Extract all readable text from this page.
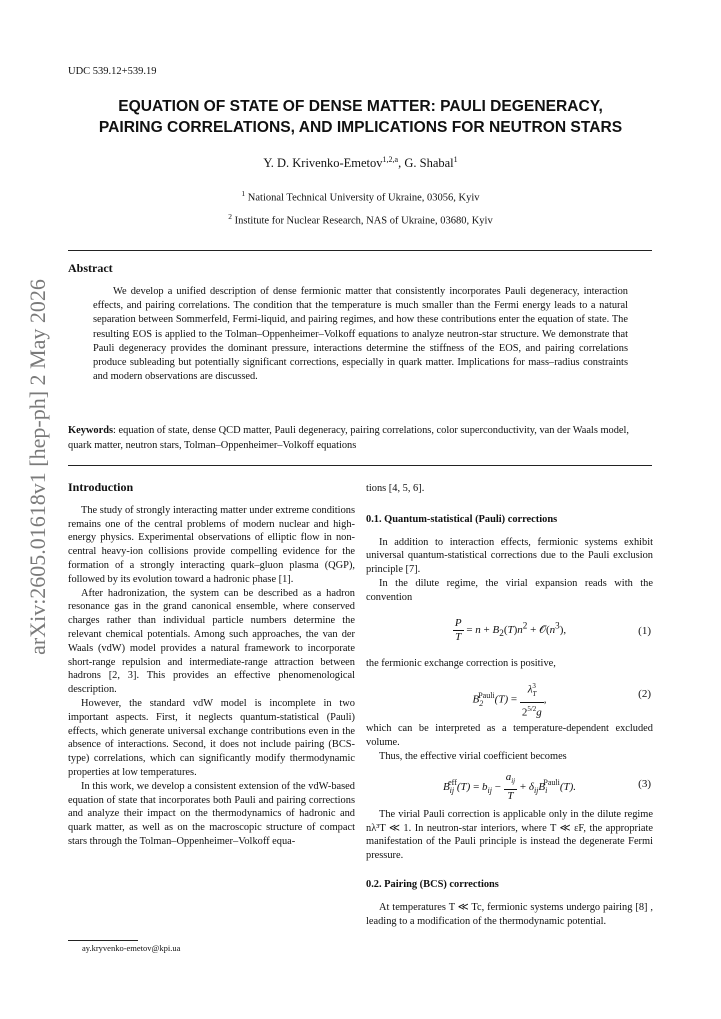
arXiv:2605.01618v1 [hep-ph] 2 May 2026
UDC 539.12+539.19
EQUATION OF STATE OF DENSE MATTER: PAULI DEGENERACY,
PAIRING CORRELATIONS, AND IMPLICATIONS FOR NEUTRON STARS
Y. D. Krivenko-Emetov$^{1,2,a}$, G. Shabal$^1$
$^1$ National Technical University of Ukraine, 03056, Kyiv
$^2$ Institute for Nuclear Research, NAS of Ukraine, 03680, Kyiv
Abstract
We develop a unified description of dense fermionic matter that consistently incorporates Pauli degeneracy, interaction effects, and pairing correlations. The condition that the temperature is much smaller than the Fermi energy leads to a natural separation between Sommerfeld, Fermi-liquid, and pairing regimes, and how these contributions enter the equation of state. The resulting EOS is applied to the Tolman–Oppenheimer–Volkoff equations to analyze neutron-star structure. We demonstrate that Pauli degeneracy provides the dominant pressure, interactions determine the stiffness of the EOS, and pairing correlations produce subleading but potentially significant corrections, especially in quark matter. Implications for mass–radius constraints and modern observations are discussed.
Keywords: equation of state, dense QCD matter, Pauli degeneracy, pairing correlations, color superconductivity, van der Waals model, quark matter, neutron stars, Tolman–Oppenheimer–Volkoff equations
Introduction

The study of strongly interacting matter under extreme conditions remains one of the central problems of modern nuclear and high-energy physics. Experimental observations of elliptic flow in non-central heavy-ion collisions provide compelling evidence for the formation of a strongly interacting quark–gluon plasma (QGP), followed by its evolution toward a hadronic phase [1].

After hadronization, the system can be described as a hadron resonance gas in the grand canonical ensemble, where conserved charges rather than individual particle numbers determine the relevant chemical potentials. Among such approaches, the van der Waals (vdW) model provides a natural framework to incorporate short-range repulsion and intermediate-range attraction between hadrons [2, 3]. This provides an effective phenomenological description.

However, the standard vdW model is incomplete in two important aspects. First, it neglects quantum-statistical (Pauli) effects, which generate universal exchange contributions even in the absence of interactions. Second, it does not include pairing (BCS-type) correlations, which can significantly modify thermodynamic properties at low temperatures.

In this work, we develop a consistent extension of the vdW-based equation of state that incorporates both Pauli and pairing corrections and analyze their impact on the thermodynamics of hadronic and quark matter, as well as on the macroscopic structure of compact stars through the Tolman–Oppenheimer–Volkoff equa-

ay.kryvenko-emetov@kpi.ua

tions [4, 5, 6].

0.1. Quantum-statistical (Pauli) corrections

In addition to interaction effects, fermionic systems exhibit universal quantum-statistical corrections due to the Pauli exclusion principle [7].

In the dilute regime, the virial expansion reads with the convention

$\frac{P}{T} = n + B_2(T)n^2$ + $𝒪(n^3)$,	(1)

the fermionic exchange correction is positive,

$B_2^{Pauli}(T) = \frac{\lambda_T^3}{2^{5/2}g}$ ,	(2)

which can be interpreted as a temperature-dependent excluded volume.

Thus, the effective virial coefficient becomes

$B_{ij}^{eff}(T) = b_{ij} - \frac{a_{ij}}{T} + \delta_{ij}B_i^{Pauli}(T)$.	(3)

The virial Pauli correction is applicable only in the dilute regime nλ³T ≪ 1. In neutron-star interiors, where T ≪ εF, the appropriate manifestation of the Pauli principle is instead the degenerate Fermi pressure.

0.2. Pairing (BCS) corrections

At temperatures T ≪ Tc, fermionic systems undergo pairing [8] , leading to a modification of the thermodynamic potential.
